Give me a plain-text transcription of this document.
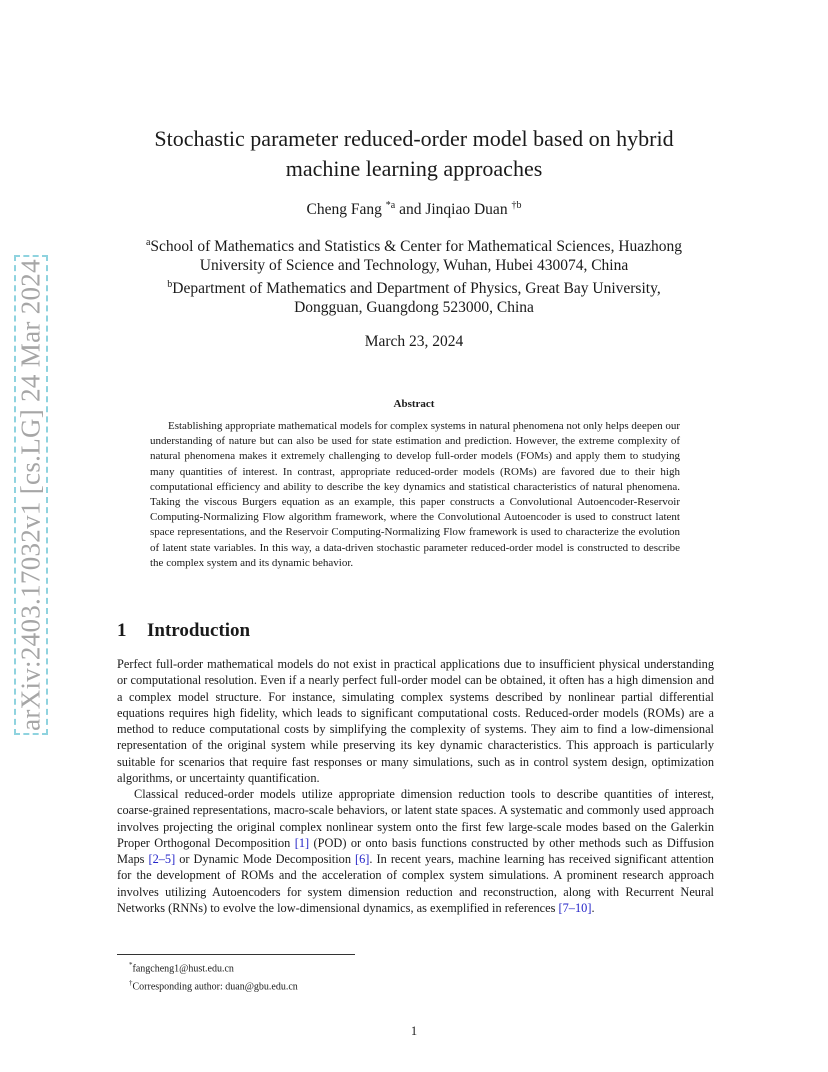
arXiv:2403.17032v1 [cs.LG] 24 Mar 2024
Stochastic parameter reduced-order model based on hybrid
machine learning approaches
Cheng Fang $^{*a}$ and Jinqiao Duan $^{\dagger b}$
$^a$School of Mathematics and Statistics & Center for Mathematical Sciences, Huazhong
University of Science and Technology, Wuhan, Hubei 430074, China
$^b$Department of Mathematics and Department of Physics, Great Bay University,
Dongguan, Guangdong 523000, China
March 23, 2024
Abstract

Establishing appropriate mathematical models for complex systems in natural phenomena not only helps deepen our understanding of nature but can also be used for state estimation and prediction. However, the extreme complexity of natural phenomena makes it extremely challenging to develop full-order models (FOMs) and apply them to studying many quantities of interest. In contrast, appropriate reduced-order models (ROMs) are favored due to their high computational efficiency and ability to describe the key dynamics and statistical characteristics of natural phenomena. Taking the viscous Burgers equation as an example, this paper constructs a Convolutional Autoencoder-Reservoir Computing-Normalizing Flow algorithm framework, where the Convolutional Autoencoder is used to construct latent space representations, and the Reservoir Computing-Normalizing Flow framework is used to characterize the evolution of latent state variables. In this way, a data-driven stochastic parameter reduced-order model is constructed to describe the complex system and its dynamic behavior.

1 Introduction

Perfect full-order mathematical models do not exist in practical applications due to insufficient physical understanding or computational resolution. Even if a nearly perfect full-order model can be obtained, it often has a high dimension and a complex model structure. For instance, simulating complex systems described by nonlinear partial differential equations requires high fidelity, which leads to significant computational costs. Reduced-order models (ROMs) are a method to reduce computational costs by simplifying the complexity of systems. They aim to find a low-dimensional representation of the original system while preserving its key dynamic characteristics. This approach is particularly suitable for scenarios that require fast responses or many simulations, such as in control system design, optimization algorithms, or uncertainty quantification.

Classical reduced-order models utilize appropriate dimension reduction tools to describe quantities of interest, coarse-grained representations, macro-scale behaviors, or latent state spaces. A systematic and commonly used approach involves projecting the original complex nonlinear system onto the first few large-scale modes based on the Galerkin Proper Orthogonal Decomposition [1] (POD) or onto basis functions constructed by other methods such as Diffusion Maps [2–5] or Dynamic Mode Decomposition [6]. In recent years, machine learning has received significant attention for the development of ROMs and the acceleration of complex system simulations. A prominent research approach involves utilizing Autoencoders for system dimension reduction and reconstruction, along with Recurrent Neural Networks (RNNs) to evolve the low-dimensional dynamics, as exemplified in references [7–10].

*fangcheng1@hust.edu.cn
†Corresponding author: duan@gbu.edu.cn
1
